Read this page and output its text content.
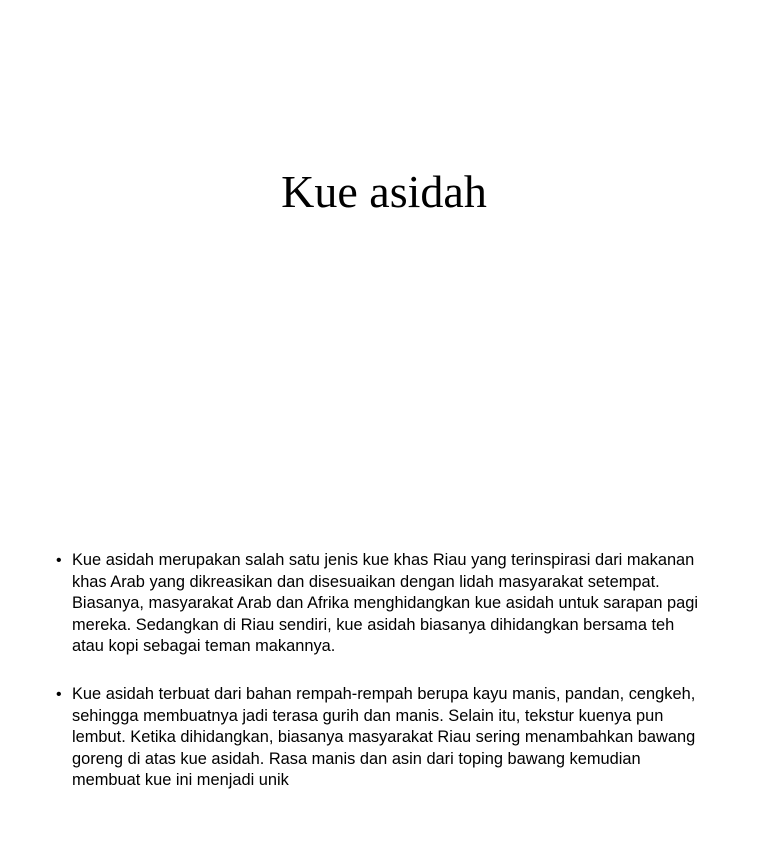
Kue asidah
• Kue asidah merupakan salah satu jenis kue khas Riau yang terinspirasi dari makanan khas Arab yang dikreasikan dan disesuaikan dengan lidah masyarakat setempat. Biasanya, masyarakat Arab dan Afrika menghidangkan kue asidah untuk sarapan pagi mereka. Sedangkan di Riau sendiri, kue asidah biasanya dihidangkan bersama teh atau kopi sebagai teman makannya.
• Kue asidah terbuat dari bahan rempah-rempah berupa kayu manis, pandan, cengkeh, sehingga membuatnya jadi terasa gurih dan manis. Selain itu, tekstur kuenya pun lembut. Ketika dihidangkan, biasanya masyarakat Riau sering menambahkan bawang goreng di atas kue asidah. Rasa manis dan asin dari toping bawang kemudian membuat kue ini menjadi unik
